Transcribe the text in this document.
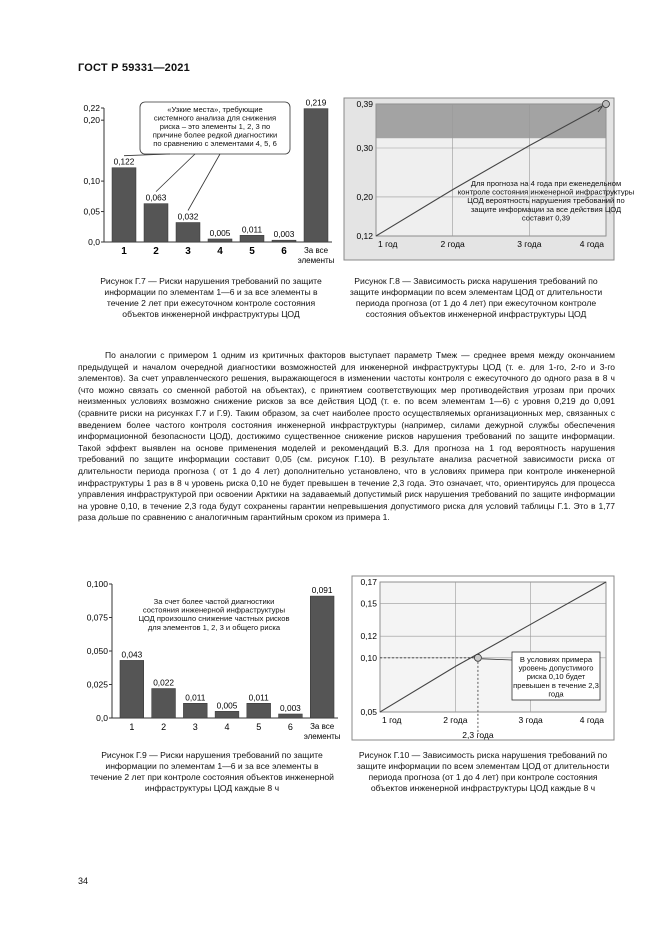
ГОСТ Р 59331—2021
0,0
0,05
0,10
0,20
0,22
0,122
1
0,063
2
0,032
3
0,005
4
0,011
5
0,003
6
0,219
За все элементы
«Узкие места», требующие системного анализа для снижения риска – это элементы 1, 2, 3 по причине более редкой диагностики по сравнению с элементами 4, 5, 6
Рисунок Г.7 — Риски нарушения требований по защите информации по элементам 1—6 и за все элементы в течение 2 лет при ежесуточном контроле состояния объектов инженерной инфраструктуры ЦОД
0,12
0,20
0,30
0,39
1 год	2 года	3 года	4 года
Для прогноза на 4 года при еженедельном контроле состояния инженерной инфраструктуры ЦОД вероятность нарушения требований по защите информации за все действия ЦОД составит 0,39
Рисунок Г.8 — Зависимость риска нарушения требований по защите информации по всем элементам ЦОД от длительности периода прогноза (от 1 до 4 лет) при ежесуточном контроле состояния объектов инженерной инфраструктуры ЦОД
По аналогии с примером 1 одним из критичных факторов выступает параметр Tмеж — среднее время между окончанием предыдущей и началом очередной диагностики возможностей для инженерной инфраструктуры ЦОД (т. е. для 1-го, 2-го и 3-го элементов). За счет управленческого решения, выражающегося в изменении частоты контроля с ежесуточного до одного раза в 8 ч (что можно связать со сменной работой на объектах), с принятием соответствующих мер противодействия угрозам при прочих неизменных условиях возможно снижение рисков за все действия ЦОД (т. е. по всем элементам 1—6) с уровня 0,219 до 0,091 (сравните риски на рисунках Г.7 и Г.9). Таким образом, за счет наиболее просто осуществляемых организационных мер, связанных с введением более частого контроля состояния инженерной инфраструктуры (например, силами дежурной службы обеспечения информационной безопасности ЦОД), достижимо существенное снижение рисков нарушения требований по защите информации. Такой эффект выявлен на основе применения моделей и рекомендаций В.3. Для прогноза на 1 год вероятность нарушения требований по защите информации составит 0,05 (см. рисунок Г.10). В результате анализа расчетной зависимости риска от длительности периода прогноза ( от 1 до 4 лет) дополнительно установлено, что в условиях примера при контроле инженерной инфраструктуры 1 раз в 8 ч уровень риска 0,10 не будет превышен в течение 2,3 года. Это означает, что, ориентируясь для процесса управления инфраструктурой при освоении Арктики на задаваемый допустимый риск нарушения требований по защите информации на уровне 0,10, в течение 2,3 года будут сохранены гарантии непревышения допустимого риска для условий таблицы Г.1. Это в 1,77 раза дольше по сравнению с аналогичным гарантийным сроком из примера 1.
0,0
0,025
0,050
0,075
0,100
0,043
1
0,022
2
0,011
3
0,005
4
0,011
5
0,003
6
0,091
За все элементы
За счет более частой диагностики состояния инженерной инфраструктуры ЦОД произошло снижение частных рисков для элементов 1, 2, 3 и общего риска
Рисунок Г.9 — Риски нарушения требований по защите информации по элементам 1—6 и за все элементы в течение 2 лет при контроле состояния объектов инженерной инфраструктуры ЦОД каждые 8 ч
0,05
0,10
0,12
0,15
0,17
1 год	2 года	3 года	4 года
2,3 года
В условиях примера уровень допустимого риска 0,10 будет превышен в течение 2,3 года
Рисунок Г.10 — Зависимость риска нарушения требований по защите информации по всем элементам ЦОД от длительности периода прогноза (от 1 до 4 лет) при контроле состояния объектов инженерной инфраструктуры ЦОД каждые 8 ч
34
